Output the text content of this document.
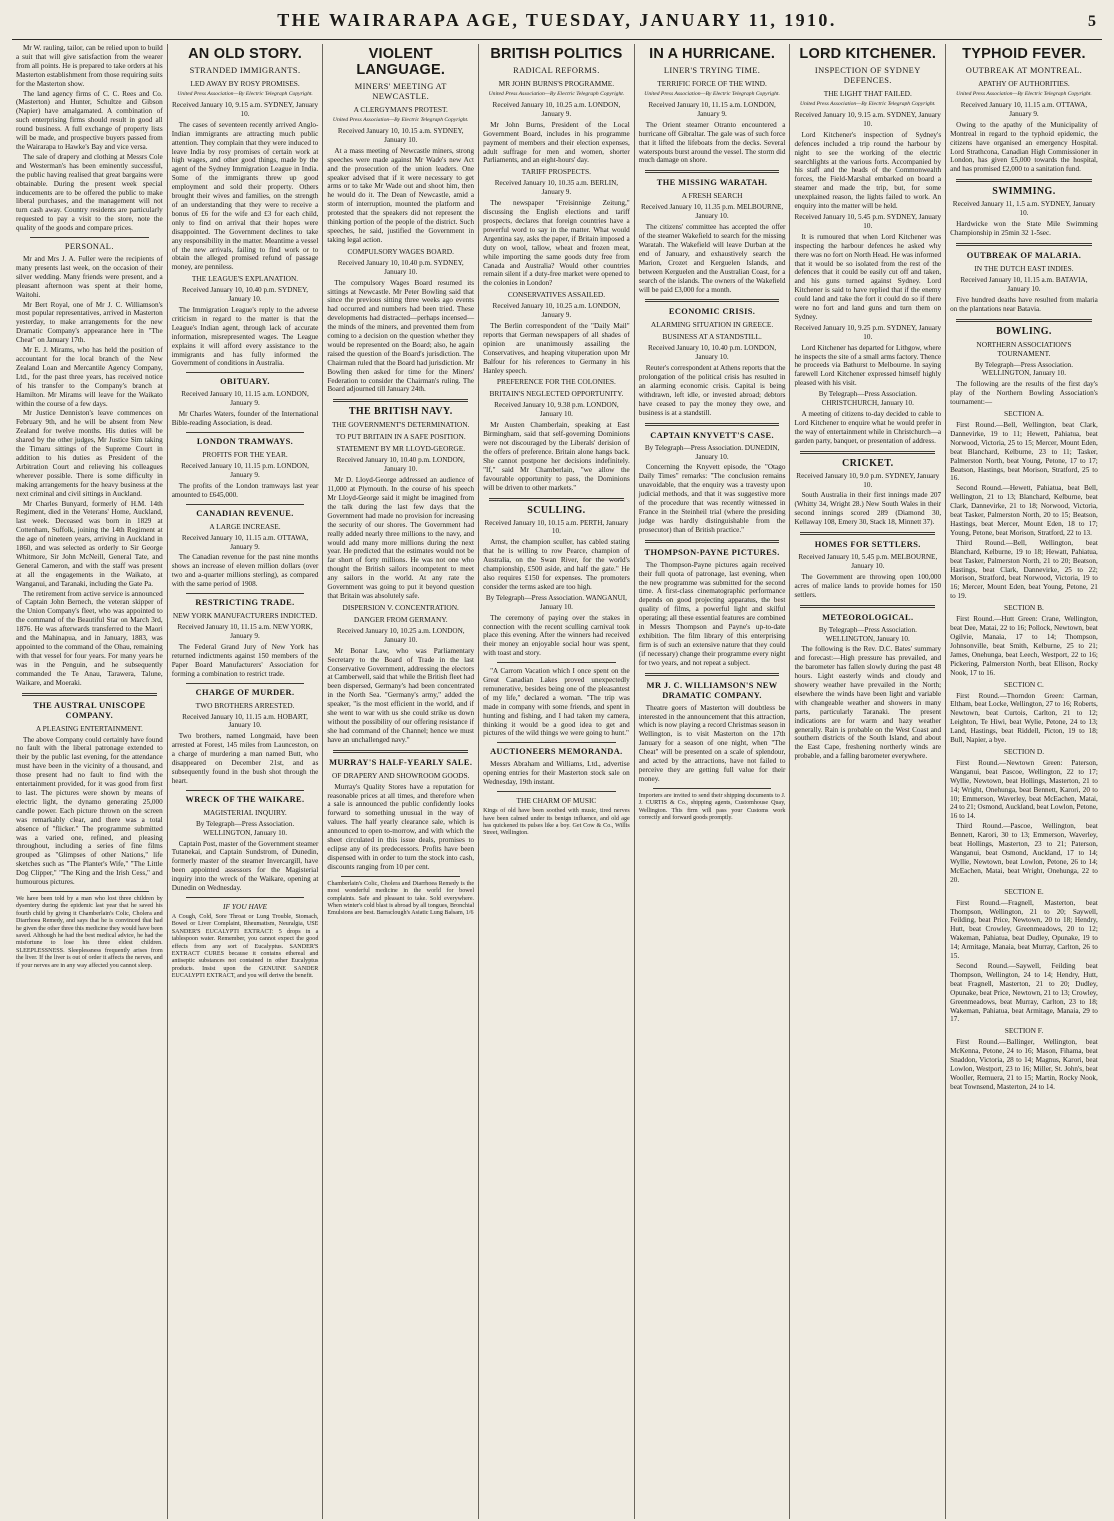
THE WAIRARAPA AGE, TUESDAY, JANUARY 11, 1910.	5
Mr W. rauling, tailor, can be relied upon to build a suit that will give satisfaction from the wearer from all points. He is prepared to take orders at his Masterton establishment from those requiring suits for the Masterton show.
The land agency firms of C. C. Rees and Co. (Masterton) and Hunter, Schultze and Gibson (Napier) have amalgamated. A combination of such enterprising firms should result in good all round business. A full exchange of property lists will be made, and prospective buyers passed from the Wairarapa to Hawke's Bay and vice versa.
The sale of drapery and clothing at Messrs Cole and Westerman's has been eminently successful, the public having realised that great bargains were obtainable. During the present week special inducements are to be offered the public to make liberal purchases, and the management will not turn cash away. Country residents are particularly requested to pay a visit to the store, note the quality of the goods and compare prices.
PERSONAL.
Mr and Mrs J. A. Fuller were the recipients of many presents last week, on the occasion of their silver wedding. Many friends were present, and a pleasant afternoon was spent at their home, Waitohi.
Mr Bert Royal, one of Mr J. C. Williamson's most popular representatives, arrived in Masterton yesterday, to make arrangements for the new Dramatic Company's appearance here in "The Cheat" on January 17th.
Mr E. J. Mirams, who has held the position of accountant for the local branch of the New Zealand Loan and Mercantile Agency Company, Ltd., for the past three years, has received notice of his transfer to the Company's branch at Hamilton. Mr Mirams will leave for the Waikato within the course of a few days.
Mr Justice Denniston's leave commences on February 9th, and he will be absent from New Zealand for twelve months. His duties will be shared by the other judges, Mr Justice Sim taking the Timaru sittings of the Supreme Court in addition to his duties as President of the Arbitration Court and relieving his colleagues wherever possible. There is some difficulty in making arrangements for the heavy business at the next criminal and civil sittings in Auckland.
Mr Charles Bunyard, formerly of H.M. 14th Regiment, died in the Veterans' Home, Auckland, last week. Deceased was born in 1829 at Cottenham, Suffolk, joining the 14th Regiment at the age of nineteen years, arriving in Auckland in 1860, and was selected as orderly to Sir George Whitmore, Sir John McNeill, General Tate, and General Cameron, and with the staff was present at all the engagements in the Waikato, at Wanganui, and Taranaki, including the Gate Pa.
The retirement from active service is announced of Captain John Bernech, the veteran skipper of the Union Company's fleet, who was appointed to the command of the Beautiful Star on March 3rd, 1876. He was afterwards transferred to the Maori and the Mahinapua, and in January, 1883, was appointed to the command of the Ohau, remaining with that vessel for four years. For many years he was in the Penguin, and he subsequently commanded the Te Anau, Tarawera, Talune, Waikare, and Moeraki.
THE AUSTRAL UNISCOPE COMPANY.
A PLEASING ENTERTAINMENT.
The above Company could certainly have found no fault with the liberal patronage extended to their by the public last evening, for the attendance must have been in the vicinity of a thousand, and those present had no fault to find with the entertainment provided, for it was good from first to last. The pictures were shown by means of electric light, the dynamo generating 25,000 candle power. Each picture thrown on the screen was remarkably clear, and there was a total absence of "flicker." The programme submitted was a varied one, refined, and pleasing throughout, including a series of fine films grouped as "Glimpses of other Nations," life sketches such as "The Planter's Wife," "The Little Dog Clipper," "The King and the Irish Cess," and humourous pictures.
We have been told by a man who lost three children by dysentery during the epidemic last year that he saved his fourth child by giving it Chamberlain's Colic, Cholera and Diarrhoea Remedy, and says that he is convinced that had he given the other three this medicine they would have been saved. Although he had the best medical advice, he had the misfortune to lose his three eldest children. SLEEPLESSNESS. Sleeplessness frequently arises from the liver. If the liver is out of order it affects the nerves, and if your nerves are in any way affected you cannot sleep.
AN OLD STORY.
STRANDED IMMIGRANTS.
LED AWAY BY ROSY PROMISES.
United Press Association—By Electric Telegraph Copyright.
Received January 10, 9.15 a.m. SYDNEY, January 10.
The cases of seventeen recently arrived Anglo-Indian immigrants are attracting much public attention. They complain that they were induced to leave India by rosy promises of certain work at high wages, and other good things, made by the agent of the Sydney Immigration League in India. Some of the immigrants threw up good employment and sold their property. Others brought their wives and families, on the strength of an understanding that they were to receive a bonus of £6 for the wife and £3 for each child, only to find on arrival that their hopes were disappointed. The Government declines to take any responsibility in the matter. Meantime a vessel of the new arrivals, failing to find work or to obtain the alleged promised refund of passage money, are penniless.
THE LEAGUE'S EXPLANATION.
Received January 10, 10.40 p.m. SYDNEY, January 10.
The Immigration League's reply to the adverse criticism in regard to the matter is that the League's Indian agent, through lack of accurate information, misrepresented wages. The League explains it will afford every assistance to the immigrants and has fully informed the Government of conditions in Australia.
OBITUARY.
Received January 10, 11.15 a.m. LONDON, January 9.
Mr Charles Waters, founder of the International Bible-reading Association, is dead.
LONDON TRAMWAYS.
PROFITS FOR THE YEAR.
Received January 10, 11.15 p.m. LONDON, January 9.
The profits of the London tramways last year amounted to £645,000.
CANADIAN REVENUE.
A LARGE INCREASE.
Received January 10, 11.15 a.m. OTTAWA, January 9.
The Canadian revenue for the past nine months shows an increase of eleven million dollars (over two and a-quarter millions sterling), as compared with the same period of 1908.
RESTRICTING TRADE.
NEW YORK MANUFACTURERS INDICTED.
Received January 10, 11.15 a.m. NEW YORK, January 9.
The Federal Grand Jury of New York has returned indictments against 150 members of the Paper Board Manufacturers' Association for forming a combination to restrict trade.
CHARGE OF MURDER.
TWO BROTHERS ARRESTED.
Received January 10, 11.15 a.m. HOBART, January 10.
Two brothers, named Longmaid, have been arrested at Forest, 145 miles from Launceston, on a charge of murdering a man named Butt, who disappeared on December 21st, and as subsequently found in the bush shot through the heart.
WRECK OF THE WAIKARE.
MAGISTERIAL INQUIRY.
By Telegraph—Press Association. WELLINGTON, January 10.
Captain Post, master of the Government steamer Tutanekai, and Captain Sundstrom, of Dunedin, formerly master of the steamer Invercargill, have been appointed assessors for the Magisterial inquiry into the wreck of the Waikare, opening at Dunedin on Wednesday.
IF YOU HAVE
A Cough, Cold, Sore Throat or Lung Trouble, Stomach, Bowel or Liver Complaint, Rheumatism, Neuralgia, USE SANDER'S EUCALYPTI EXTRACT: 5 drops in a tablespoon water. Remember, you cannot expect the good effects from any sort of Eucalyptus. SANDER'S EXTRACT CURES because it contains ethereal and antiseptic substances not contained in other Eucalyptus products. Insist upon the GENUINE SANDER EUCALYPTI EXTRACT, and you will derive the benefit.
VIOLENT LANGUAGE.
MINERS' MEETING AT NEWCASTLE.
A CLERGYMAN'S PROTEST.
United Press Association—By Electric Telegraph Copyright.
Received January 10, 10.15 a.m. SYDNEY, January 10.
At a mass meeting of Newcastle miners, strong speeches were made against Mr Wade's new Act and the prosecution of the union leaders. One speaker advised that if it were necessary to get arms or to take Mr Wade out and shoot him, then he would do it. The Dean of Newcastle, amid a storm of interruption, mounted the platform and protested that the speakers did not represent the thinking portion of the people of the district. Such speeches, he said, justified the Government in taking legal action.
COMPULSORY WAGES BOARD.
Received January 10, 10.40 p.m. SYDNEY, January 10.
The compulsory Wages Board resumed its sittings at Newcastle. Mr Peter Bowling said that since the previous sitting three weeks ago events had occurred and numbers had been tried. These developments had distracted—perhaps incensed—the minds of the miners, and prevented them from coming to a decision on the question whether they would be represented on the Board; also, he again raised the question of the Board's jurisdiction. The Chairman ruled that the Board had jurisdiction. Mr Bowling then asked for time for the Miners' Federation to consider the Chairman's ruling. The Board adjourned till January 24th.
THE BRITISH NAVY.
THE GOVERNMENT'S DETERMINATION.
TO PUT BRITAIN IN A SAFE POSITION.
STATEMENT BY MR LLOYD-GEORGE.
Received January 10, 10.40 p.m. LONDON, January 10.
Mr D. Lloyd-George addressed an audience of 11,000 at Plymouth. In the course of his speech Mr Lloyd-George said it might be imagined from the talk during the last few days that the Government had made no provision for increasing the security of our shores. The Government had really added nearly three millions to the navy, and would add many more millions during the next year. He predicted that the estimates would not be far short of forty millions. He was not one who thought the British sailors incompetent to meet any sailors in the world. At any rate the Government was going to put it beyond question that Britain was absolutely safe.
DISPERSION V. CONCENTRATION.
DANGER FROM GERMANY.
Received January 10, 10.25 a.m. LONDON, January 10.
Mr Bonar Law, who was Parliamentary Secretary to the Board of Trade in the last Conservative Government, addressing the electors at Camberwell, said that while the British fleet had been dispersed, Germany's had been concentrated in the North Sea. "Germany's army," added the speaker, "is the most efficient in the world, and if she went to war with us she could strike us down without the possibility of our offering resistance if she had command of the Channel; hence we must have an unchallenged navy."
MURRAY'S HALF-YEARLY SALE.
OF DRAPERY AND SHOWROOM GOODS.
Murray's Quality Stores have a reputation for reasonable prices at all times, and therefore when a sale is announced the public confidently looks forward to something unusual in the way of values. The half yearly clearance sale, which is announced to open to-morrow, and with which the sheet circulated in this issue deals, promises to eclipse any of its predecessors. Profits have been dispensed with in order to turn the stock into cash, discounts ranging from 10 per cent.
Chamberlain's Colic, Cholera and Diarrhoea Remedy is the most wonderful medicine in the world for bowel complaints. Safe and pleasant to take. Sold everywhere. When winter's cold blast is abroad by all tongues, Bronchial Emulsions are best. Barraclough's Asiatic Lung Balsam, 1/6
BRITISH POLITICS
RADICAL REFORMS.
MR JOHN BURNS'S PROGRAMME.
United Press Association—By Electric Telegraph Copyright.
Received January 10, 10.25 a.m. LONDON, January 9.
Mr John Burns, President of the Local Government Board, includes in his programme payment of members and their election expenses, adult suffrage for men and women, shorter Parliaments, and an eight-hours' day.
TARIFF PROSPECTS.
Received January 10, 10.35 a.m. BERLIN, January 9.
The newspaper "Freisinnige Zeitung," discussing the English elections and tariff prospects, declares that foreign countries have a powerful word to say in the matter. What would Argentina say, asks the paper, if Britain imposed a duty on wool, tallow, wheat and frozen meat, while importing the same goods duty free from Canada and Australia? Would other countries remain silent if a duty-free market were opened to the colonies in London?
CONSERVATIVES ASSAILED.
Received January 10, 10.25 a.m. LONDON, January 9.
The Berlin correspondent of the "Daily Mail" reports that German newspapers of all shades of opinion are unanimously assailing the Conservatives, and heaping vituperation upon Mr Balfour for his references to Germany in his Hanley speech.
PREFERENCE FOR THE COLONIES.
BRITAIN'S NEGLECTED OPPORTUNITY.
Received January 10, 9.38 p.m. LONDON, January 10.
Mr Austen Chamberlain, speaking at East Birmingham, said that self-governing Dominions were not discouraged by the Liberals' derision of the offers of preference. Britain alone hangs back. She cannot postpone her decisions indefinitely. "If," said Mr Chamberlain, "we allow the favourable opportunity to pass, the Dominions will be driven to other markets."
SCULLING.
Received January 10, 10.15 a.m. PERTH, January 10.
Arnst, the champion sculler, has cabled stating that he is willing to row Pearce, champion of Australia, on the Swan River, for the world's championship, £500 aside, and half the gate." He also requires £150 for expenses. The promoters consider the terms asked are too high.
By Telegraph—Press Association. WANGANUI, January 10.
The ceremony of paying over the stakes in connection with the recent sculling carnival took place this evening. After the winners had received their money an enjoyable social hour was spent, with toast and story.
"A Carrom Vacation which I once spent on the Great Canadian Lakes proved unexpectedly remunerative, besides being one of the pleasantest of my life," declared a woman. "The trip was made in company with some friends, and spent in hunting and fishing, and I had taken my camera, thinking it would be a good idea to get and pictures of the wild things we were going to hunt."
AUCTIONEERS MEMORANDA.
Messrs Abraham and Williams, Ltd., advertise opening entries for their Masterton stock sale on Wednesday, 19th instant.
THE CHARM OF MUSIC
Kings of old have been soothed with music, tired nerves have been calmed under its benign influence, and old age has quickened its pulses like a boy. Get Cow & Co., Willis Street, Wellington.
IN A HURRICANE.
LINER'S TRYING TIME.
TERRIFIC FORCE OF THE WIND.
United Press Association—By Electric Telegraph Copyright.
Received January 10, 11.15 a.m. LONDON, January 9.
The Orient steamer Otranto encountered a hurricane off Gibraltar. The gale was of such force that it lifted the lifeboats from the decks. Several waterspouts burst around the vessel. The storm did much damage on shore.
THE MISSING WARATAH.
A FRESH SEARCH
Received January 10, 11.35 p.m. MELBOURNE, January 10.
The citizens' committee has accepted the offer of the steamer Wakefield to search for the missing Waratah. The Wakefield will leave Durban at the end of January, and exhaustively search the Marion, Crozet and Kerguelen Islands, and between Kerguelen and the Australian Coast, for a search of the islands. The owners of the Wakefield will be paid £3,000 for a month.
ECONOMIC CRISIS.
ALARMING SITUATION IN GREECE.
BUSINESS AT A STANDSTILL.
Received January 10, 10.40 p.m. LONDON, January 10.
Reuter's correspondent at Athens reports that the prolongation of the political crisis has resulted in an alarming economic crisis. Capital is being withdrawn, left idle, or invested abroad; debtors have ceased to pay the money they owe, and business is at a standstill.
CAPTAIN KNYVETT'S CASE.
By Telegraph—Press Association. DUNEDIN, January 10.
Concerning the Knyvett episode, the "Otago Daily Times" remarks: "The conclusion remains unavoidable, that the enquiry was a travesty upon judicial methods, and that it was suggestive more of the procedure that was recently witnessed in France in the Steinheil trial (where the presiding judge was hardly distinguishable from the prosecutor) than of British practice."
THOMPSON-PAYNE PICTURES.
The Thompson-Payne pictures again received their full quota of patronage, last evening, when the new programme was submitted for the second time. A first-class cinematographic performance depends on good projecting apparatus, the best quality of films, a powerful light and skilful operating; all these essential features are combined in Messrs Thompson and Payne's up-to-date exhibition. The film library of this enterprising firm is of such an extensive nature that they could (if necessary) change their programme every night for two years, and not repeat a subject.
MR J. C. WILLIAMSON'S NEW DRAMATIC COMPANY.
Theatre goers of Masterton will doubtless be interested in the announcement that this attraction, which is now playing a record Christmas season in Wellington, is to visit Masterton on the 17th January for a season of one night, when "The Cheat" will be presented on a scale of splendour, and acted by the attractions, have not failed to perceive they are getting full value for their money.
Importers are invited to send their shipping documents to J. J. CURTIS & Co., shipping agents, Customhouse Quay, Wellington. This firm will pass your Customs work correctly and forward goods promptly.
LORD KITCHENER.
INSPECTION OF SYDNEY DEFENCES.
THE LIGHT THAT FAILED.
United Press Association—By Electric Telegraph Copyright.
Received January 10, 9.15 a.m. SYDNEY, January 10.
Lord Kitchener's inspection of Sydney's defences included a trip round the harbour by night to see the working of the electric searchlights at the various forts. Accompanied by his staff and the heads of the Commonwealth forces, the Field-Marshal embarked on board a steamer and made the trip, but, for some unexplained reason, the lights failed to work. An enquiry into the matter will be held.
Received January 10, 5.45 p.m. SYDNEY, January 10.
It is rumoured that when Lord Kitchener was inspecting the harbour defences he asked why there was no fort on North Head. He was informed that it would be so isolated from the rest of the defences that it could be easily cut off and taken, and his guns turned against Sydney. Lord Kitchener is said to have replied that if the enemy could land and take the fort it could do so if there were no fort and land guns and turn them on Sydney.
Received January 10, 9.25 p.m. SYDNEY, January 10.
Lord Kitchener has departed for Lithgow, where he inspects the site of a small arms factory. Thence he proceeds via Bathurst to Melbourne. In saying farewell Lord Kitchener expressed himself highly pleased with his visit.
By Telegraph—Press Association. CHRISTCHURCH, January 10.
A meeting of citizens to-day decided to cable to Lord Kitchener to enquire what he would prefer in the way of entertainment while in Christchurch—a garden party, banquet, or presentation of address.
CRICKET.
Received January 10, 9.0 p.m. SYDNEY, January 10.
South Australia in their first innings made 207 (Whitty 34, Wright 28.) New South Wales in their second innings scored 289 (Diamond 30, Kellaway 108, Emery 30, Stack 18, Minnett 37).
HOMES FOR SETTLERS.
Received January 10, 5.45 p.m. MELBOURNE, January 10.
The Government are throwing open 100,000 acres of malice lands to provide homes for 150 settlers.
METEOROLOGICAL.
By Telegraph—Press Association. WELLINGTON, January 10.
The following is the Rev. D.C. Bates' summary and forecast:—High pressure has prevailed, and the barometer has fallen slowly during the past 48 hours. Light easterly winds and cloudy and showery weather have prevailed in the North; elsewhere the winds have been light and variable with changeable weather and showers in many parts, particularly Taranaki. The present indications are for warm and hazy weather generally. Rain is probable on the West Coast and southern districts of the South Island, and about the East Cape, freshening northerly winds are probable, and a falling barometer everywhere.
TYPHOID FEVER.
OUTBREAK AT MONTREAL.
APATHY OF AUTHORITIES.
United Press Association—By Electric Telegraph Copyright.
Received January 10, 11.15 a.m. OTTAWA, January 9.
Owing to the apathy of the Municipality of Montreal in regard to the typhoid epidemic, the citizens have organised an emergency Hospital. Lord Strathcona, Canadian High Commissioner in London, has given £5,000 towards the hospital, and has promised £2,000 to a sanitation fund.
SWIMMING.
Received January 11, 1.5 a.m. SYDNEY, January 10.
Hardwicke won the State Mile Swimming Championship in 25min 32 1-5sec.
OUTBREAK OF MALARIA.
IN THE DUTCH EAST INDIES.
Received January 10, 11.15 a.m. BATAVIA, January 10.
Five hundred deaths have resulted from malaria on the plantations near Batavia.
BOWLING.
NORTHERN ASSOCIATION'S TOURNAMENT.
By Telegraph—Press Association. WELLINGTON, January 10.
The following are the results of the first day's play of the Northern Bowling Association's tournament:—
SECTION A.
First Round.—Bell, Wellington, beat Clark, Dannevirke, 19 to 11; Hewett, Pahiatua, beat Norwood, Victoria, 25 to 15; Mercer, Mount Eden, beat Blanchard, Kelburne, 23 to 11; Tasker, Palmerston North, beat Young, Petone, 17 to 17; Beatson, Hastings, beat Morison, Stratford, 25 to 16.
Second Round.—Hewett, Pahiatua, beat Bell, Wellington, 21 to 13; Blanchard, Kelburne, beat Clark, Dannevirke, 21 to 18; Norwood, Victoria, beat Tasker, Palmerston North, 20 to 15; Beatson, Hastings, beat Mercer, Mount Eden, 18 to 17; Young, Petone, beat Morison, Stratford, 22 to 13.
Third Round.—Bell, Wellington, beat Blanchard, Kelburne, 19 to 18; Hewatt, Pahiatua, beat Tasker, Palmerston North, 21 to 20; Beatson, Hastings, beat Clark, Dannevirke, 25 to 22; Morison, Stratford, beat Norwood, Victoria, 19 to 16; Mercer, Mount Eden, beat Young, Petone, 21 to 19.
SECTION B.
First Round.—Hutt Green: Crane, Wellington, beat Dee, Matai, 22 to 16; Pollock, Newtown, beat Ogilvie, Manaia, 17 to 14; Thompson, Johnsonville, beat Smith, Kelburne, 25 to 21; James, Onehunga, beat Leech, Westport, 22 to 16; Pickering, Palmerston North, beat Ellison, Rocky Nook, 17 to 16.
SECTION C.
First Round.—Thorndon Green: Carman, Eltham, beat Locke, Wellington, 27 to 16; Roberts, Newtown, beat Curtois, Carlton, 21 to 12; Leighton, Te Hiwi, beat Wylie, Petone, 24 to 13; Land, Hastings, beat Riddell, Picton, 19 to 18; Bull, Napier, a bye.
SECTION D.
First Round.—Newtown Green: Paterson, Wanganui, beat Pascoe, Wellington, 22 to 17; Wyllie, Newtown, beat Hollings, Masterton, 21 to 14; Wright, Onehunga, beat Bennett, Karori, 20 to 10; Emmerson, Waverley, beat McEachen, Matai, 24 to 21; Osmond, Auckland, beat Lowlon, Petone, 16 to 14.
Third Round.—Pascoe, Wellington, beat Bennett, Karori, 30 to 13; Emmerson, Waverley, beat Hollings, Masterton, 23 to 21; Paterson, Wanganui, beat Osmond, Auckland, 17 to 14; Wyllie, Newtown, beat Lowlon, Petone, 26 to 14; McEachen, Matai, beat Wright, Onehunga, 22 to 20.
SECTION E.
First Round.—Fragnell, Masterton, beat Thompson, Wellington, 21 to 20; Saywell, Feilding, beat Price, Newtown, 20 to 18; Hendry, Hutt, beat Crowley, Greenmeadows, 20 to 12; Wakeman, Pahiatua, beat Dudley, Opunake, 19 to 14; Armitage, Manaia, beat Murray, Carlton, 26 to 15.
Second Round.—Saywell, Feilding beat Thompson, Wellington, 24 to 14; Hendry, Hutt, beat Fragnell, Masterton, 21 to 20; Dudley, Opunake, beat Price, Newtown, 21 to 13; Crowley, Greenmeadows, beat Murray, Carlton, 23 to 18; Wakeman, Pahiatua, beat Armitage, Manaia, 29 to 17.
SECTION F.
First Round.—Ballinger, Wellington, beat McKenna, Petone, 24 to 16; Mason, Fihama, beat Snaddon, Victoria, 28 to 14; Magnus, Karori, beat Lowlon, Westport, 23 to 16; Miller, St. John's, beat Wooller, Remuera, 21 to 15; Martin, Rocky Nook, beat Townsend, Masterton, 24 to 14.
